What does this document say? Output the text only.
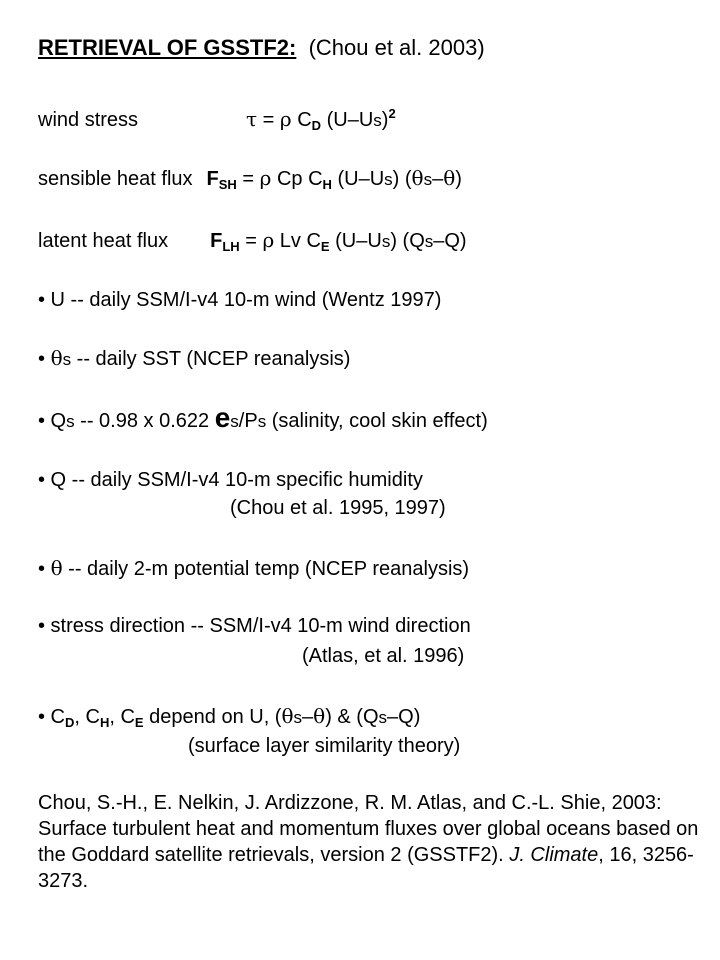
RETRIEVAL OF GSSTF2: (Chou et al. 2003)
wind stress	τ = ρ $C_D$ $(U-Us)^2$
sensible heat flux $F_{SH} = \rho$ Cp $C_H$ (U–Us) (θs–θ)
latent heat flux $F_{LH} = \rho$ Lv $C_E$ (U–Us) (Qs–Q)
• U -- daily SSM/I-v4 10-m wind (Wentz 1997)
• θs -- daily SST (NCEP reanalysis)
• Qs -- 0.98 x 0.622 es/Ps (salinity, cool skin effect)
• Q -- daily SSM/I-v4 10-m specific humidity
(Chou et al. 1995, 1997)
• θ -- daily 2-m potential temp (NCEP reanalysis)
• stress direction -- SSM/I-v4 10-m wind direction
(Atlas, et al. 1996)
• $C_D$, $C_H$, $C_E$ depend on U, (θs–θ) & (Qs–Q)
(surface layer similarity theory)
Chou, S.-H., E. Nelkin, J. Ardizzone, R. M. Atlas, and C.-L. Shie, 2003: Surface turbulent heat and momentum fluxes over global oceans based on the Goddard satellite retrievals, version 2 (GSSTF2). J. Climate, 16, 3256-3273.
